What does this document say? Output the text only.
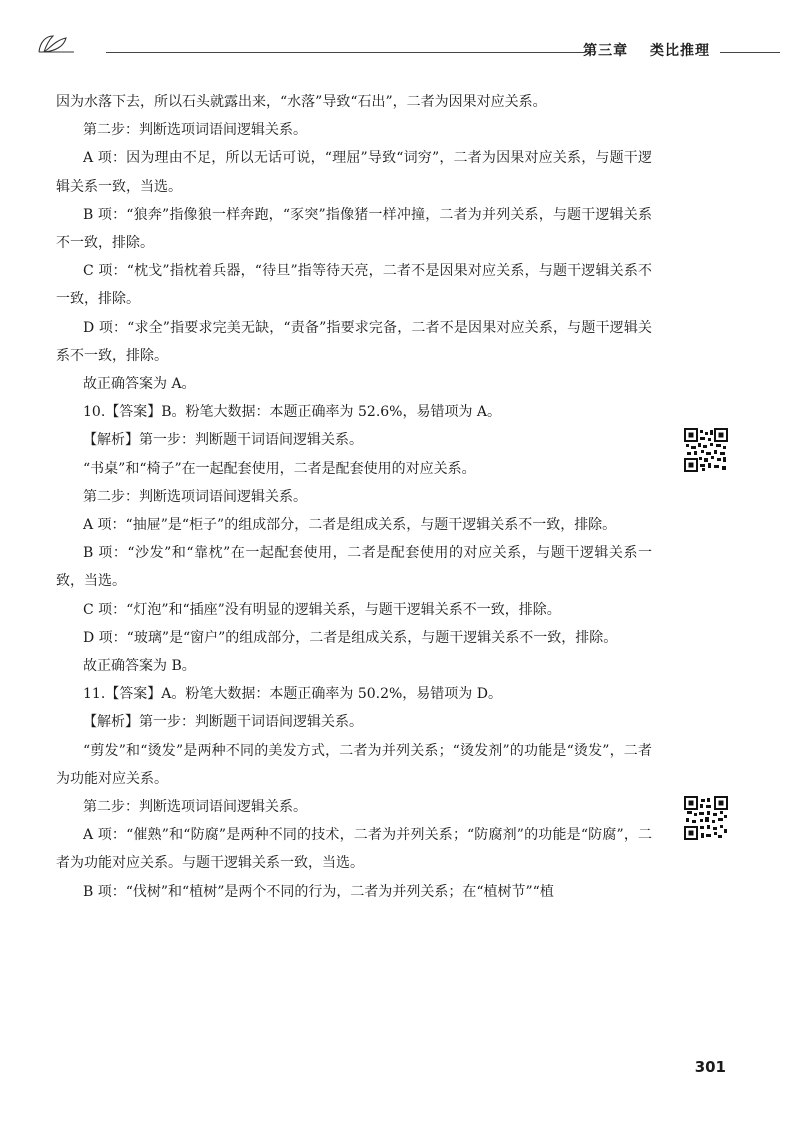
第三章 类比推理

因为水落下去，所以石头就露出来，“水落”导致“石出”，二者为因果对应关系。

第二步：判断选项词语间逻辑关系。

A 项：因为理由不足，所以无话可说，“理屈”导致“词穷”，二者为因果对应关系，与题干逻辑关系一致，当选。

B 项：“狼奔”指像狼一样奔跑，“豕突”指像猪一样冲撞，二者为并列关系，与题干逻辑关系不一致，排除。

C 项：“枕戈”指枕着兵器，“待旦”指等待天亮，二者不是因果对应关系，与题干逻辑关系不一致，排除。

D 项：“求全”指要求完美无缺，“责备”指要求完备，二者不是因果对应关系，与题干逻辑关系不一致，排除。

故正确答案为 A。

10.【答案】B。粉笔大数据：本题正确率为 52.6%，易错项为 A。

【解析】第一步：判断题干词语间逻辑关系。

“书桌”和“椅子”在一起配套使用，二者是配套使用的对应关系。

第二步：判断选项词语间逻辑关系。

A 项：“抽屉”是“柜子”的组成部分，二者是组成关系，与题干逻辑关系不一致，排除。

B 项：“沙发”和“靠枕”在一起配套使用，二者是配套使用的对应关系，与题干逻辑关系一致，当选。

C 项：“灯泡”和“插座”没有明显的逻辑关系，与题干逻辑关系不一致，排除。

D 项：“玻璃”是“窗户”的组成部分，二者是组成关系，与题干逻辑关系不一致，排除。

故正确答案为 B。

11.【答案】A。粉笔大数据：本题正确率为 50.2%，易错项为 D。

【解析】第一步：判断题干词语间逻辑关系。

“剪发”和“烫发”是两种不同的美发方式，二者为并列关系；“烫发剂”的功能是“烫发”，二者为功能对应关系。

第二步：判断选项词语间逻辑关系。

A 项：“催熟”和“防腐”是两种不同的技术，二者为并列关系；“防腐剂”的功能是“防腐”，二者为功能对应关系。与题干逻辑关系一致，当选。

B 项：“伐树”和“植树”是两个不同的行为，二者为并列关系；在“植树节”“植

301
